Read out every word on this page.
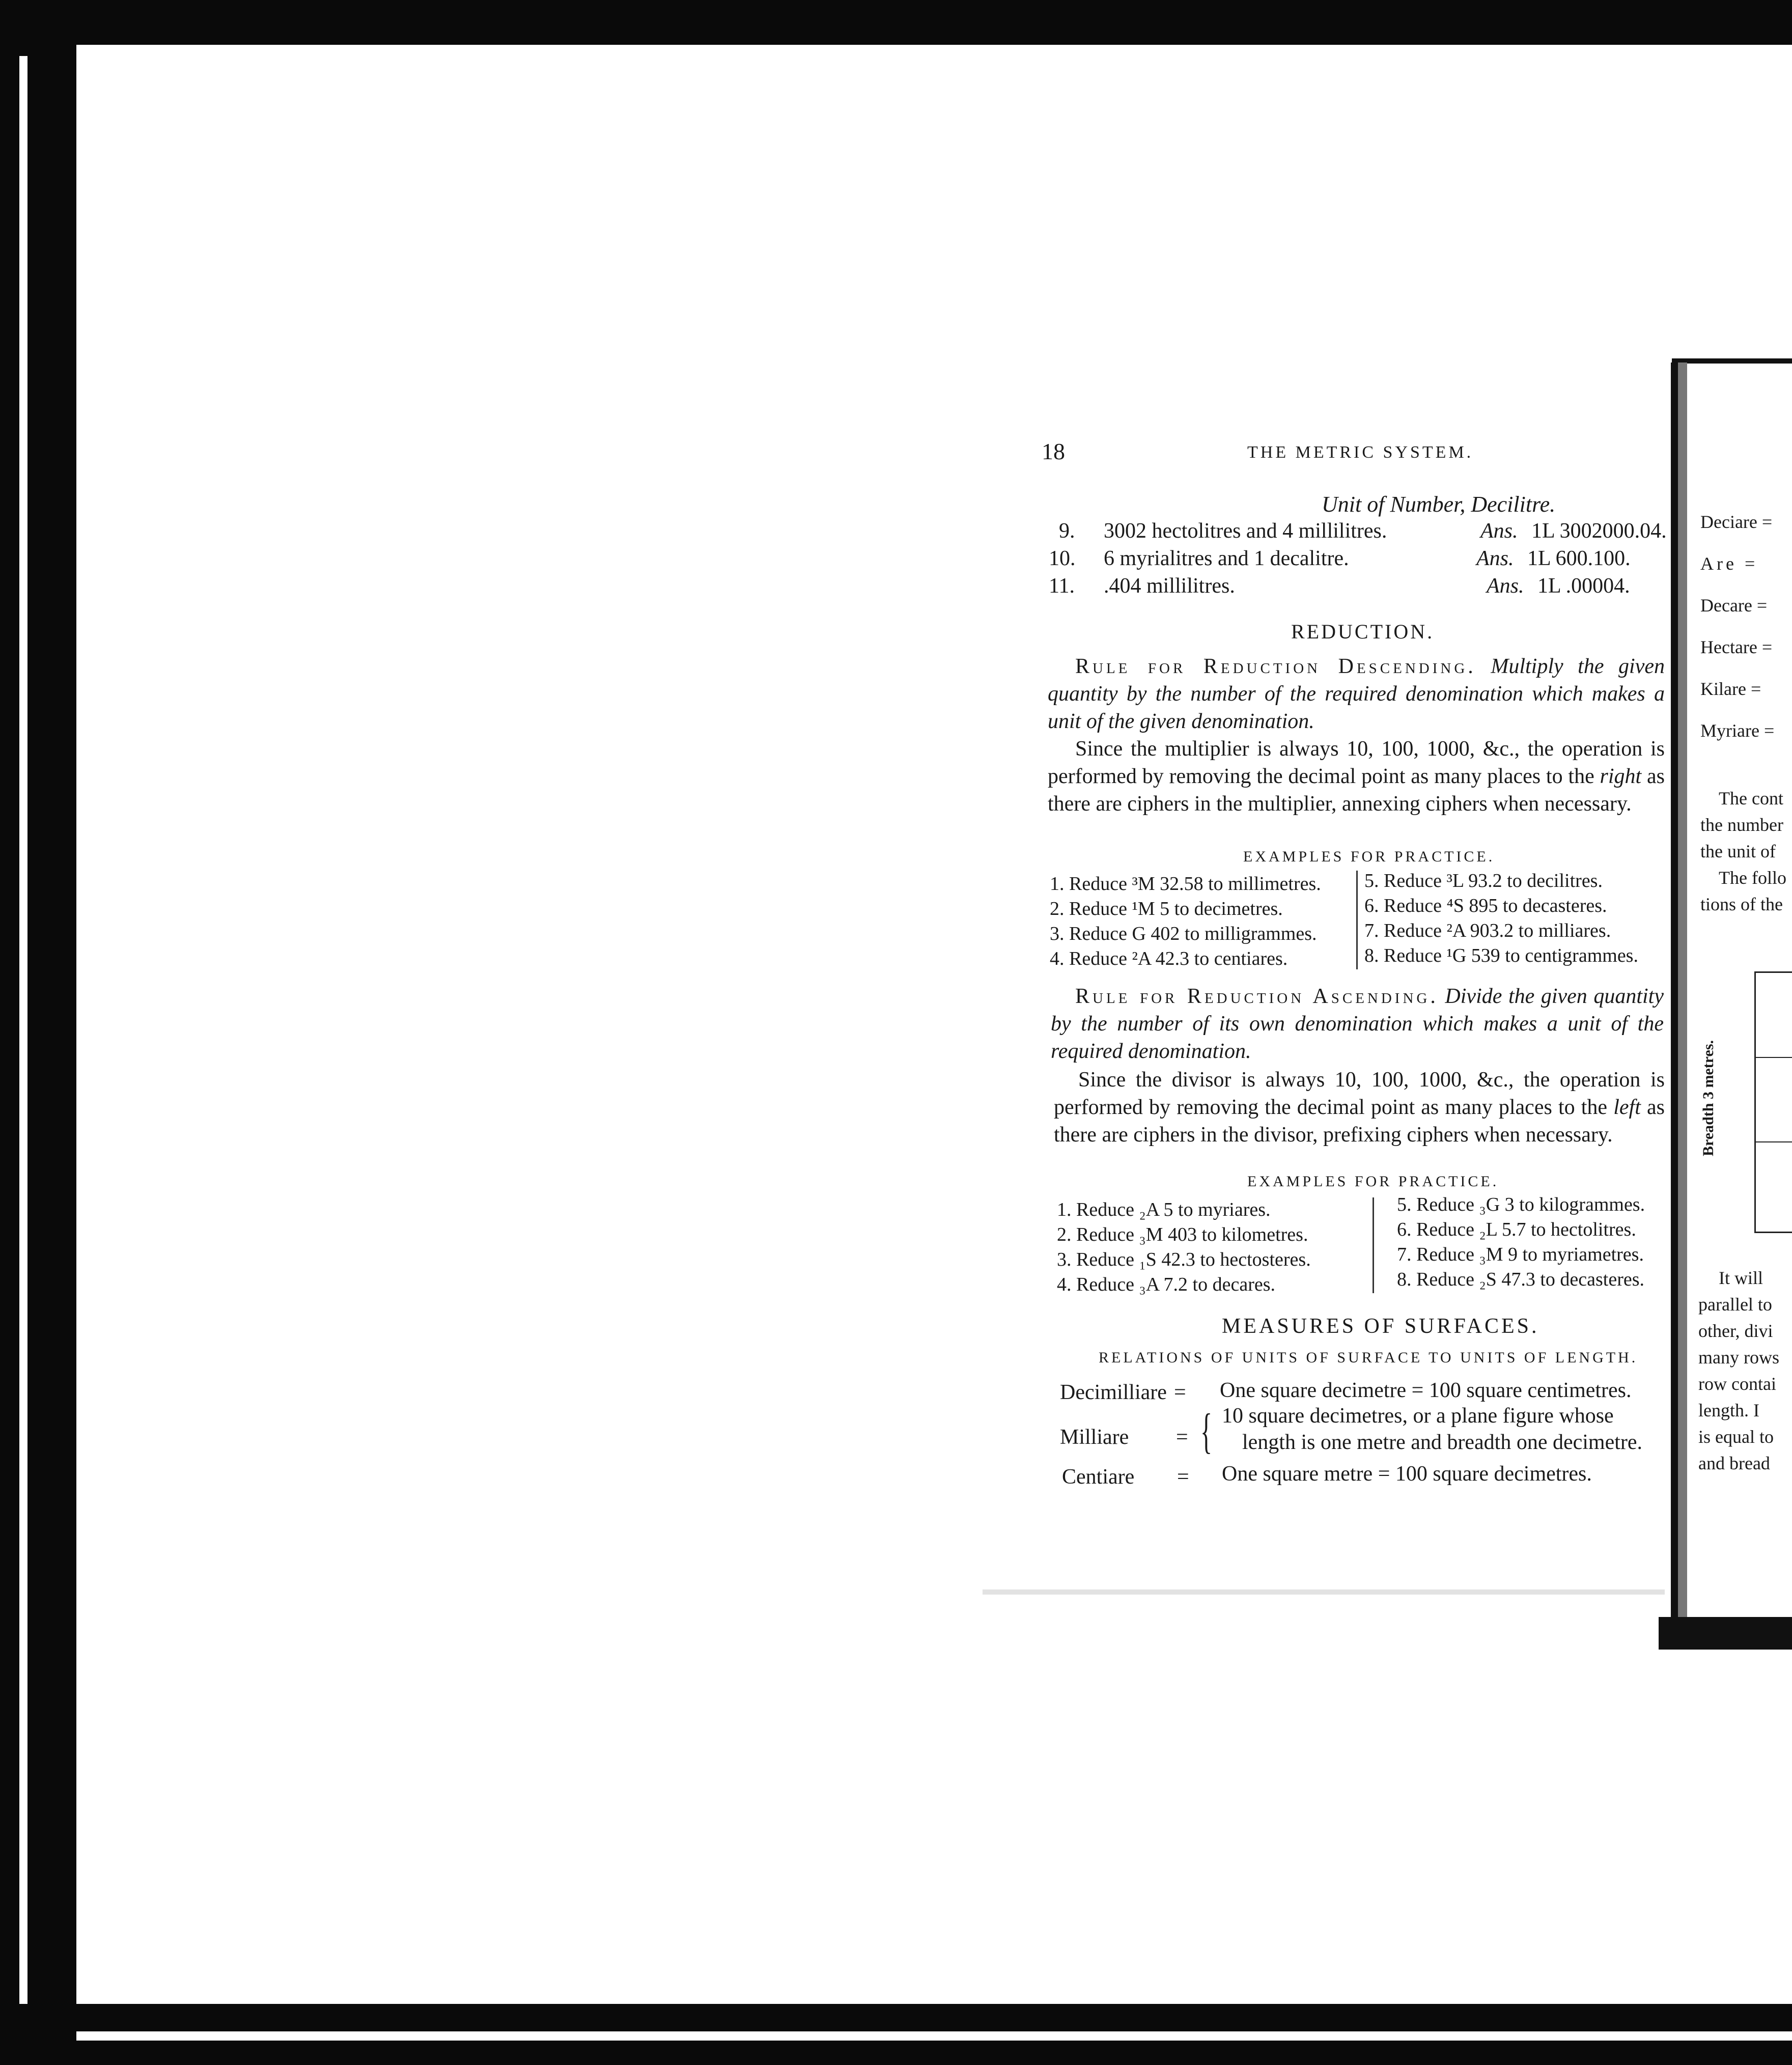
18	THE METRIC SYSTEM.
Unit of Number, Decilitre.
9. 3002 hectolitres and 4 millilitres.	Ans. 1L 3002000.04.
10. 6 myrialitres and 1 decalitre.	Ans. 1L 600.100.
11. .404 millilitres.	Ans. 1L .00004.
REDUCTION.
Rule for Reduction Descending. Multiply the given quantity by the number of the required denomination which makes a unit of the given denomination.
Since the multiplier is always 10, 100, 1000, &c., the operation is performed by removing the decimal point as many places to the right as there are ciphers in the multiplier, annexing ciphers when necessary.
EXAMPLES FOR PRACTICE.
1. Reduce ³M 32.58 to millimetres.
2. Reduce ¹M 5 to decimetres.
3. Reduce G 402 to milligrammes.
4. Reduce ²A 42.3 to centiares.
5. Reduce ³L 93.2 to decilitres.
6. Reduce ⁴S 895 to decasteres.
7. Reduce ²A 903.2 to milliares.
8. Reduce ¹G 539 to centigrammes.
Rule for Reduction Ascending. Divide the given quantity by the number of its own denomination which makes a unit of the required denomination.
Since the divisor is always 10, 100, 1000, &c., the operation is performed by removing the decimal point as many places to the left as there are ciphers in the divisor, prefixing ciphers when necessary.
EXAMPLES FOR PRACTICE.
1. Reduce ₂A 5 to myriares.
2. Reduce ₃M 403 to kilometres.
3. Reduce ₁S 42.3 to hectosteres.
4. Reduce ₃A 7.2 to decares.
5. Reduce ₃G 3 to kilogrammes.
6. Reduce ₂L 5.7 to hectolitres.
7. Reduce ₃M 9 to myriametres.
8. Reduce ₂S 47.3 to decasteres.
MEASURES OF SURFACES.
RELATIONS OF UNITS OF SURFACE TO UNITS OF LENGTH.
Decimilliare = One square decimetre = 100 square centimetres.
Milliare = { 10 square decimetres, or a plane figure whose
length is one metre and breadth one decimetre.
Centiare = One square metre = 100 square decimetres.
Deciare =
Are =
Decare =
Hectare =
Kilare =
Myriare =
The cont
the number
the unit of
The follo
tions of the
Breadth 3 metres.
It will
parallel to
other, divi
many rows
row contai
length. I
is equal to
and bread
